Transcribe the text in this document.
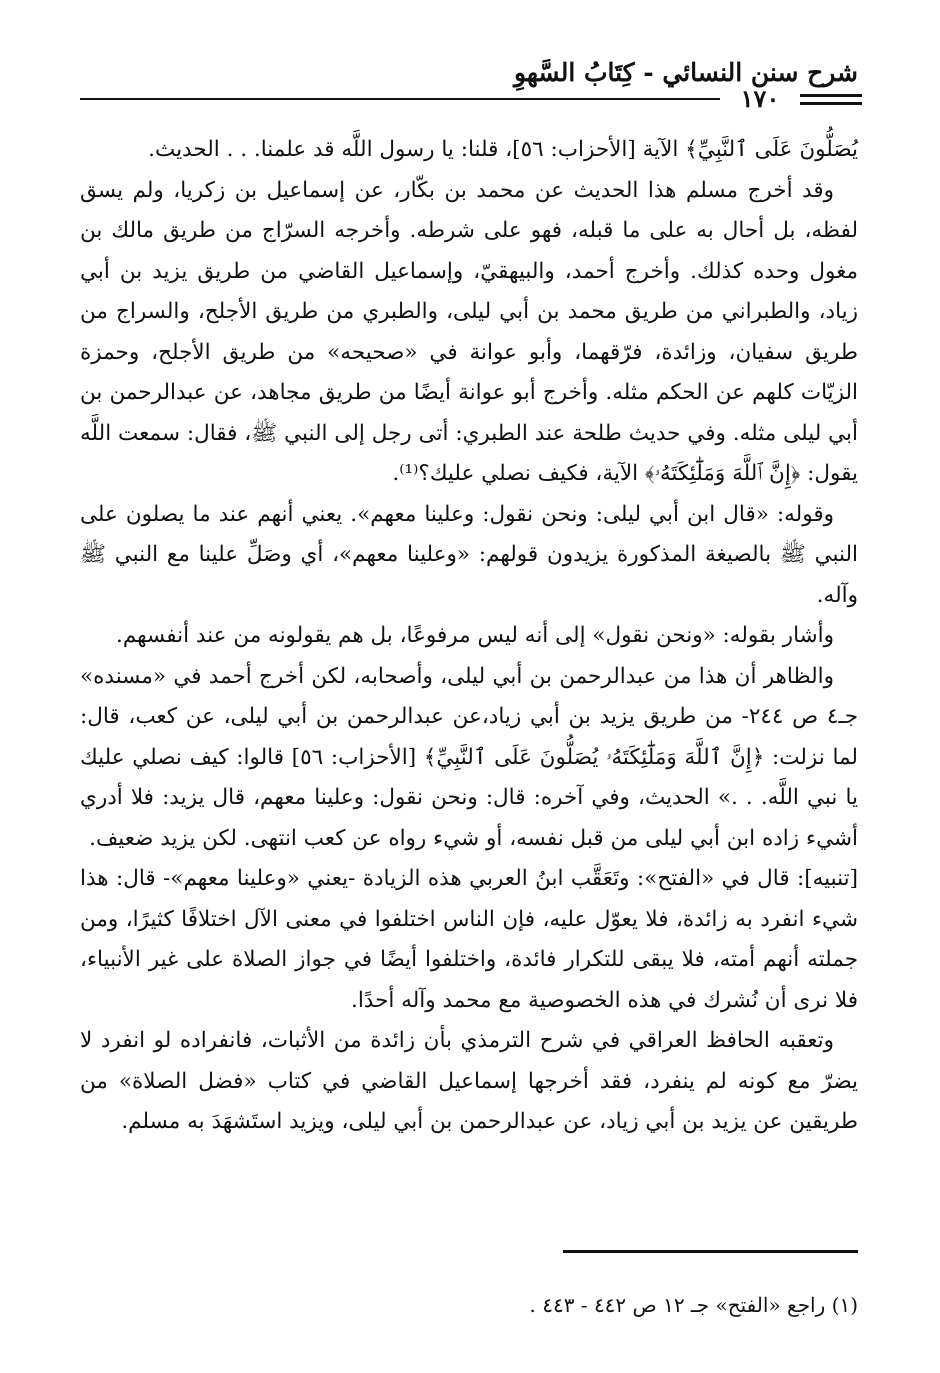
شرح سنن النسائي - كِتَابُ السَّهوِ
١٧٠

يُصَلُّونَ عَلَى ٱلنَّبِيِّ﴾ الآية [الأحزاب: ٥٦]، قلنا: يا رسول اللَّه قد علمنا. . . الحديث.

وقد أخرج مسلم هذا الحديث عن محمد بن بكّار، عن إسماعيل بن زكريا، ولم يسق لفظه، بل أحال به على ما قبله، فهو على شرطه. وأخرجه السرّاج من طريق مالك بن مغول وحده كذلك. وأخرج أحمد، والبيهقيّ، وإسماعيل القاضي من طريق يزيد بن أبي زياد، والطبراني من طريق محمد بن أبي ليلى، والطبري من طريق الأجلح، والسراج من طريق سفيان، وزائدة، فرّقهما، وأبو عوانة في «صحيحه» من طريق الأجلح، وحمزة الزيّات كلهم عن الحكم مثله. وأخرج أبو عوانة أيضًا من طريق مجاهد، عن عبدالرحمن بن أبي ليلى مثله. وفي حديث طلحة عند الطبري: أتى رجل إلى النبي ﷺ، فقال: سمعت اللَّه يقول: ﴿إِنَّ ٱللَّهَ وَمَلَٰٓئِكَتَهُۥ﴾ الآية، فكيف نصلي عليك؟⁽¹⁾.

وقوله: «قال ابن أبي ليلى: ونحن نقول: وعلينا معهم». يعني أنهم عند ما يصلون على النبي ﷺ بالصيغة المذكورة يزيدون قولهم: «وعلينا معهم»، أي وصَلِّ علينا مع النبي ﷺ وآله.

وأشار بقوله: «ونحن نقول» إلى أنه ليس مرفوعًا، بل هم يقولونه من عند أنفسهم.

والظاهر أن هذا من عبدالرحمن بن أبي ليلى، وأصحابه، لكن أخرج أحمد في «مسنده» جـ٤ ص ٢٤٤- من طريق يزيد بن أبي زياد،عن عبدالرحمن بن أبي ليلى، عن كعب، قال: لما نزلت: ﴿إِنَّ ٱللَّهَ وَمَلَٰٓئِكَتَهُۥ يُصَلُّونَ عَلَى ٱلنَّبِيِّ﴾ [الأحزاب: ٥٦] قالوا: كيف نصلي عليك يا نبي اللَّه. . .» الحديث، وفي آخره: قال: ونحن نقول: وعلينا معهم، قال يزيد: فلا أدري أشيء زاده ابن أبي ليلى من قبل نفسه، أو شيء رواه عن كعب انتهى. لكن يزيد ضعيف.

[تنبيه]: قال في «الفتح»: وتَعَقَّب ابنُ العربي هذه الزيادة -يعني «وعلينا معهم»- قال: هذا شيء انفرد به زائدة، فلا يعوّل عليه، فإن الناس اختلفوا في معنى الآل اختلافًا كثيرًا، ومن جملته أنهم أمته، فلا يبقى للتكرار فائدة، واختلفوا أيضًا في جواز الصلاة على غير الأنبياء، فلا نرى أن نُشرك في هذه الخصوصية مع محمد وآله أحدًا.

وتعقبه الحافظ العراقي في شرح الترمذي بأن زائدة من الأثبات، فانفراده لو انفرد لا يضرّ مع كونه لم ينفرد، فقد أخرجها إسماعيل القاضي في كتاب «فضل الصلاة» من طريقين عن يزيد بن أبي زياد، عن عبدالرحمن بن أبي ليلى، ويزيد استَشهَدَ به مسلم.

(١) راجع «الفتح» جـ ١٢ ص ٤٤٢ - ٤٤٣ .
